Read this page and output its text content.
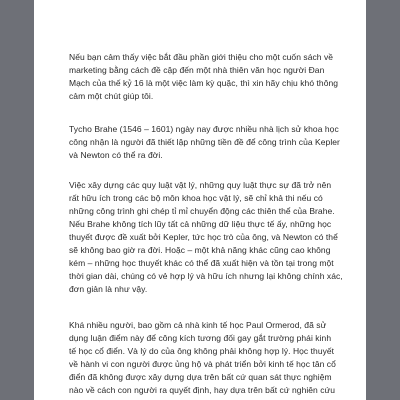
Nếu bạn cảm thấy việc bắt đầu phần giới thiệu cho một cuốn sách về
marketing bằng cách đề cập đến một nhà thiên văn học người Đan
Mạch của thế kỷ 16 là một việc làm kỳ quặc, thì xin hãy chịu khó thông
cảm một chút giúp tôi.

Tycho Brahe (1546 – 1601) ngày nay được nhiều nhà lịch sử khoa học
công nhận là người đã thiết lập những tiền đề để công trình của Kepler
và Newton có thể ra đời.

Việc xây dựng các quy luật vật lý, những quy luật thực sự đã trở nên
rất hữu ích trong các bộ môn khoa học vật lý, sẽ chỉ khả thi nếu có
những công trình ghi chép tỉ mỉ chuyển động các thiên thể của Brahe.
Nếu Brahe không tích lũy tất cả những dữ liệu thực tế ấy, những học
thuyết được đề xuất bởi Kepler, tức học trò của ông, và Newton có thể
sẽ không bao giờ ra đời. Hoặc – một khả năng khác cũng cao không
kém – những học thuyết khác có thể đã xuất hiện và tồn tại trong một
thời gian dài, chúng có vẻ hợp lý và hữu ích nhưng lại không chính xác,
đơn giản là như vậy.

Khá nhiều người, bao gồm cả nhà kinh tế học Paul Ormerod, đã sử
dụng luận điểm này để công kích tương đối gay gắt trường phái kinh
tế học cổ điển. Và lý do của ông không phải không hợp lý. Học thuyết
về hành vi con người được ủng hộ và phát triển bởi kinh tế học tân cổ
điển đã không được xây dựng dựa trên bất cứ quan sát thực nghiệm
nào về cách con người ra quyết định, hay dựa trên bất cứ nghiên cứu
